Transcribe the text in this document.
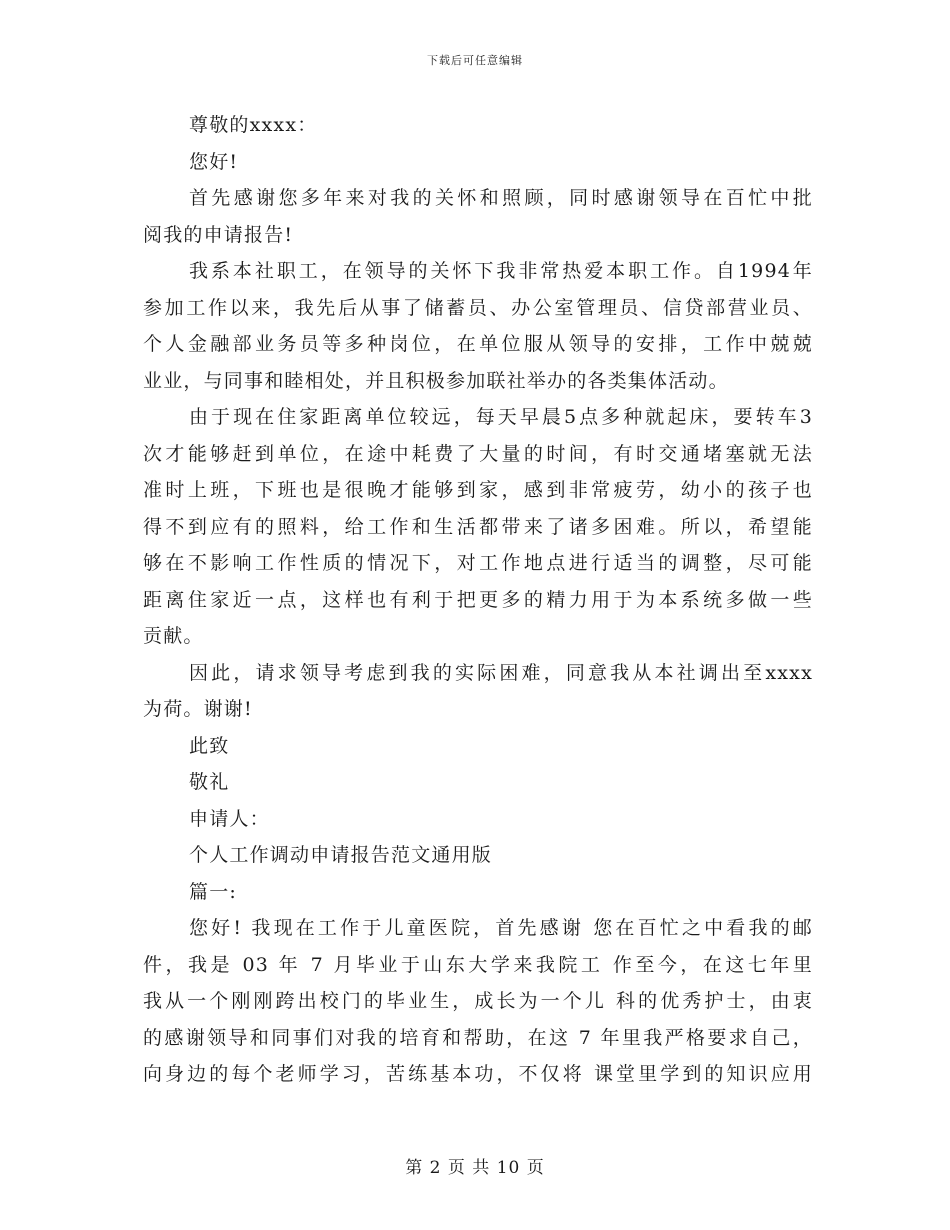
下载后可任意编辑
尊敬的xxxx：
您好!
首先感谢您多年来对我的关怀和照顾，同时感谢领导在百忙中批
阅我的申请报告!
我系本社职工，在领导的关怀下我非常热爱本职工作。自1994年
参加工作以来，我先后从事了储蓄员、办公室管理员、信贷部营业员、
个人金融部业务员等多种岗位，在单位服从领导的安排，工作中兢兢
业业，与同事和睦相处，并且积极参加联社举办的各类集体活动。
由于现在住家距离单位较远，每天早晨5点多种就起床，要转车3
次才能够赶到单位，在途中耗费了大量的时间，有时交通堵塞就无法
准时上班，下班也是很晚才能够到家，感到非常疲劳，幼小的孩子也
得不到应有的照料，给工作和生活都带来了诸多困难。所以，希望能
够在不影响工作性质的情况下，对工作地点进行适当的调整，尽可能
距离住家近一点，这样也有利于把更多的精力用于为本系统多做一些
贡献。
因此，请求领导考虑到我的实际困难，同意我从本社调出至xxxx
为荷。谢谢!
此致
敬礼
申请人：
个人工作调动申请报告范文通用版
篇一:
您好! 我现在工作于儿童医院，首先感谢 您在百忙之中看我的邮
件，我是 03 年 7 月毕业于山东大学来我院工 作至今，在这七年里
我从一个刚刚跨出校门的毕业生，成长为一个儿 科的优秀护士，由衷
的感谢领导和同事们对我的培育和帮助，在这 7 年里我严格要求自己，
向身边的每个老师学习，苦练基本功，不仅将 课堂里学到的知识应用
第 2 页 共 10 页
